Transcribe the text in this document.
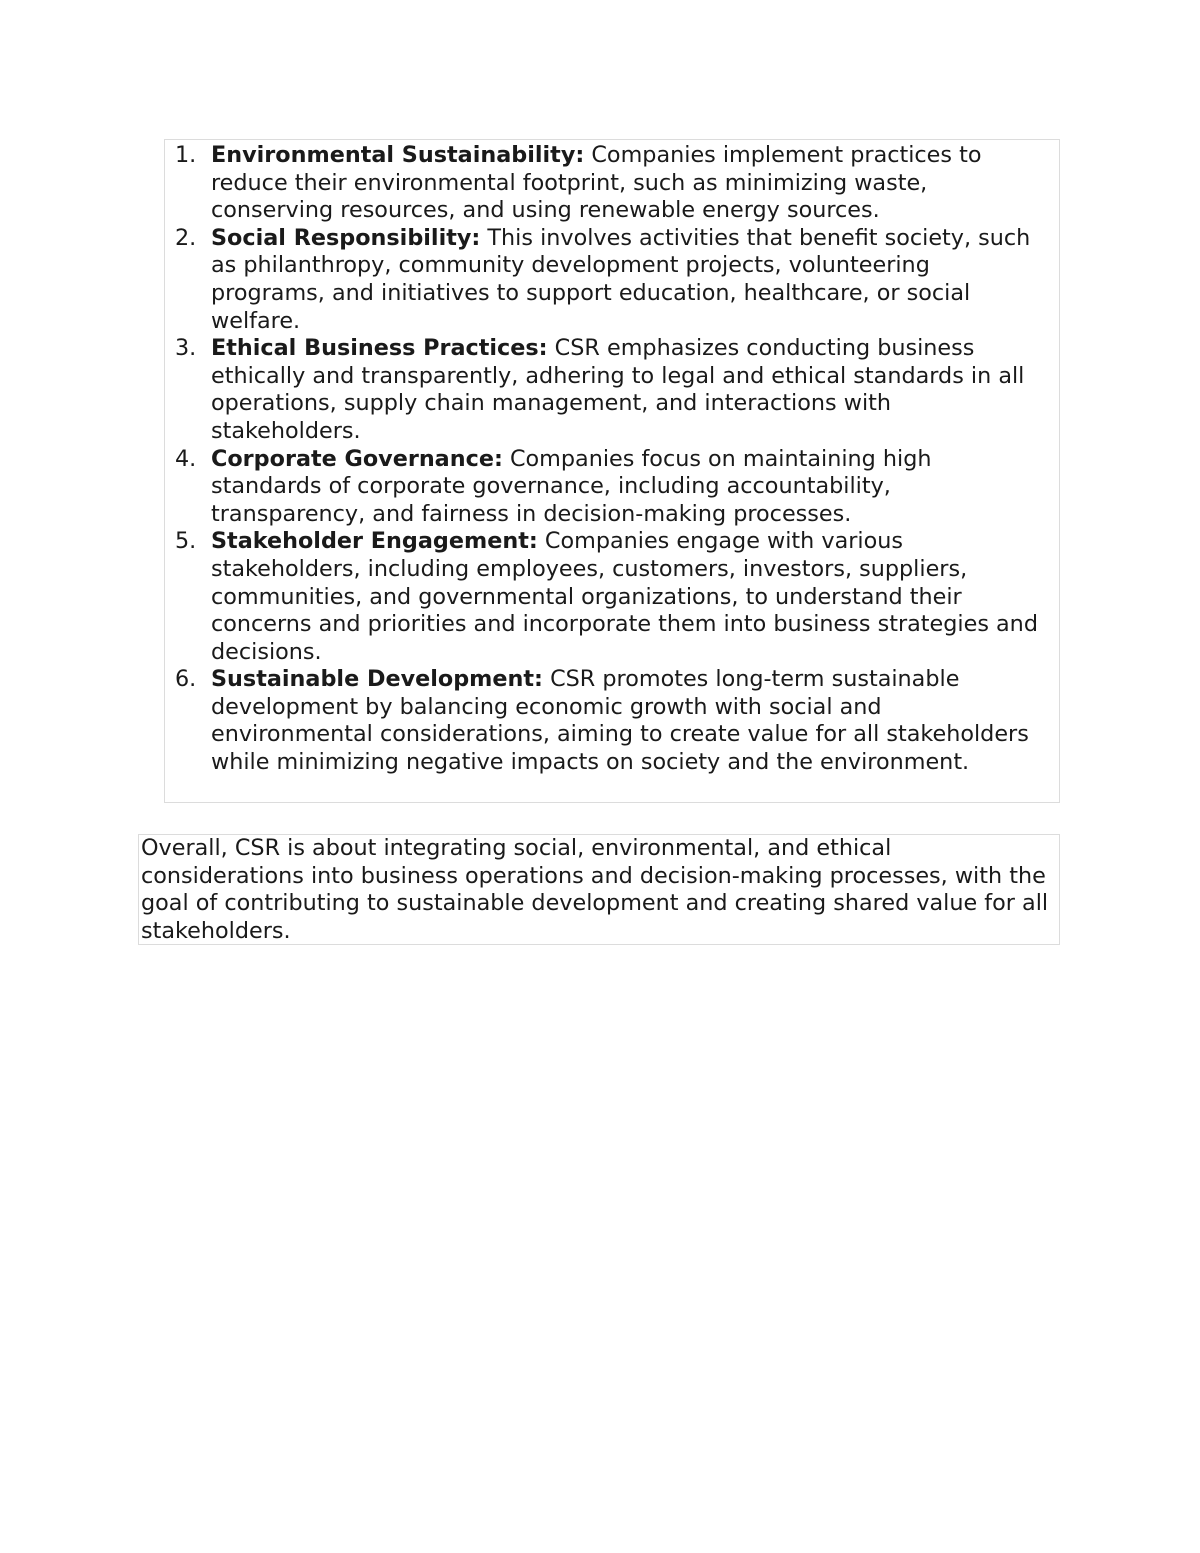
1. Environmental Sustainability: Companies implement practices to reduce their environmental footprint, such as minimizing waste, conserving resources, and using renewable energy sources.
2. Social Responsibility: This involves activities that benefit society, such as philanthropy, community development projects, volunteering programs, and initiatives to support education, healthcare, or social welfare.
3. Ethical Business Practices: CSR emphasizes conducting business ethically and transparently, adhering to legal and ethical standards in all operations, supply chain management, and interactions with stakeholders.
4. Corporate Governance: Companies focus on maintaining high standards of corporate governance, including accountability, transparency, and fairness in decision-making processes.
5. Stakeholder Engagement: Companies engage with various stakeholders, including employees, customers, investors, suppliers, communities, and governmental organizations, to understand their concerns and priorities and incorporate them into business strategies and decisions.
6. Sustainable Development: CSR promotes long-term sustainable development by balancing economic growth with social and environmental considerations, aiming to create value for all stakeholders while minimizing negative impacts on society and the environment.

Overall, CSR is about integrating social, environmental, and ethical considerations into business operations and decision-making processes, with the goal of contributing to sustainable development and creating shared value for all stakeholders.
